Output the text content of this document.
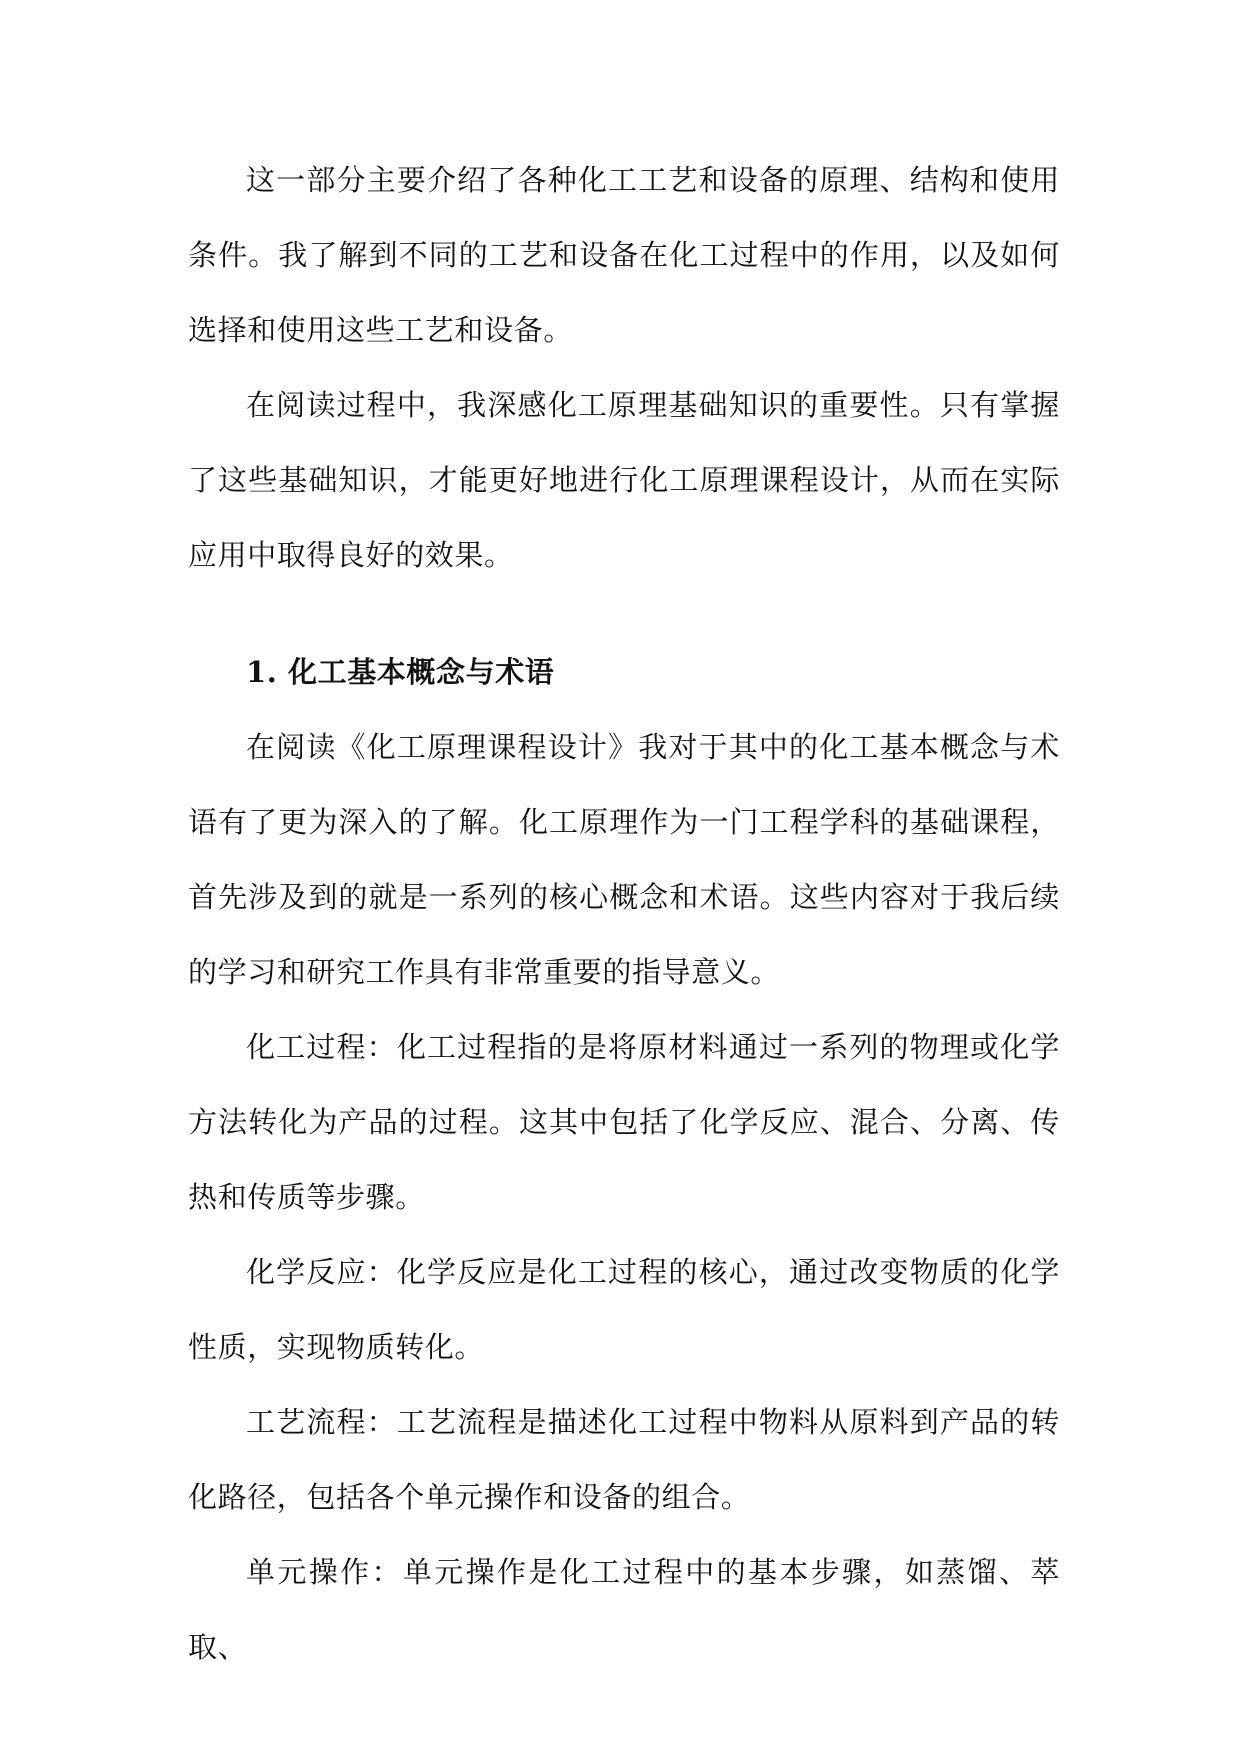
这一部分主要介绍了各种化工工艺和设备的原理、结构和使用条件。我了解到不同的工艺和设备在化工过程中的作用，以及如何选择和使用这些工艺和设备。

在阅读过程中，我深感化工原理基础知识的重要性。只有掌握了这些基础知识，才能更好地进行化工原理课程设计，从而在实际应用中取得良好的效果。

1. 化工基本概念与术语

在阅读《化工原理课程设计》我对于其中的化工基本概念与术语有了更为深入的了解。化工原理作为一门工程学科的基础课程，首先涉及到的就是一系列的核心概念和术语。这些内容对于我后续的学习和研究工作具有非常重要的指导意义。

化工过程：化工过程指的是将原材料通过一系列的物理或化学方法转化为产品的过程。这其中包括了化学反应、混合、分离、传热和传质等步骤。

化学反应：化学反应是化工过程的核心，通过改变物质的化学性质，实现物质转化。

工艺流程：工艺流程是描述化工过程中物料从原料到产品的转化路径，包括各个单元操作和设备的组合。

单元操作：单元操作是化工过程中的基本步骤，如蒸馏、萃取、
